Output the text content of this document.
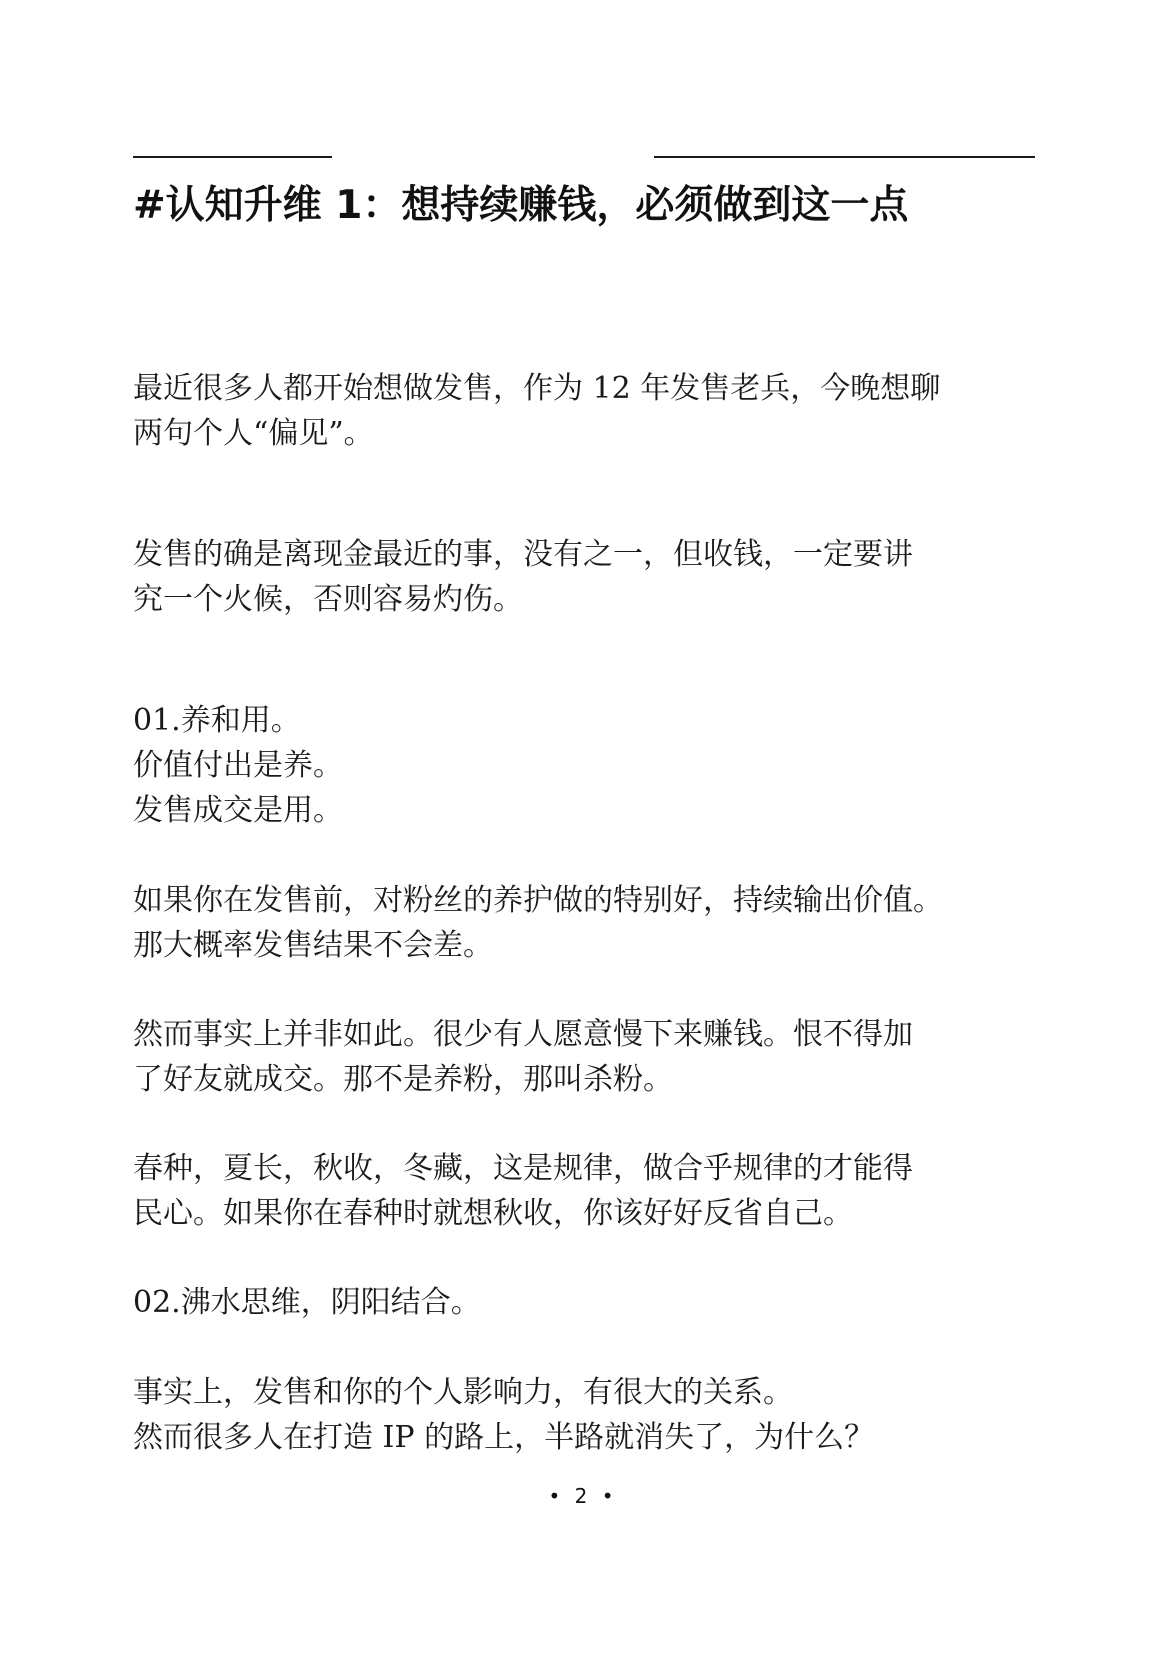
#认知升维 1：想持续赚钱，必须做到这一点

最近很多人都开始想做发售，作为 12 年发售老兵，今晚想聊
两句个人“偏见”。

发售的确是离现金最近的事，没有之一，但收钱，一定要讲
究一个火候，否则容易灼伤。

01.养和用。
价值付出是养。
发售成交是用。

如果你在发售前，对粉丝的养护做的特别好，持续输出价值。
那大概率发售结果不会差。

然而事实上并非如此。很少有人愿意慢下来赚钱。恨不得加
了好友就成交。那不是养粉，那叫杀粉。

春种，夏长，秋收，冬藏，这是规律，做合乎规律的才能得
民心。如果你在春种时就想秋收，你该好好反省自己。

02.沸水思维，阴阳结合。

事实上，发售和你的个人影响力，有很大的关系。
然而很多人在打造 IP 的路上，半路就消失了，为什么？

• 2 •
